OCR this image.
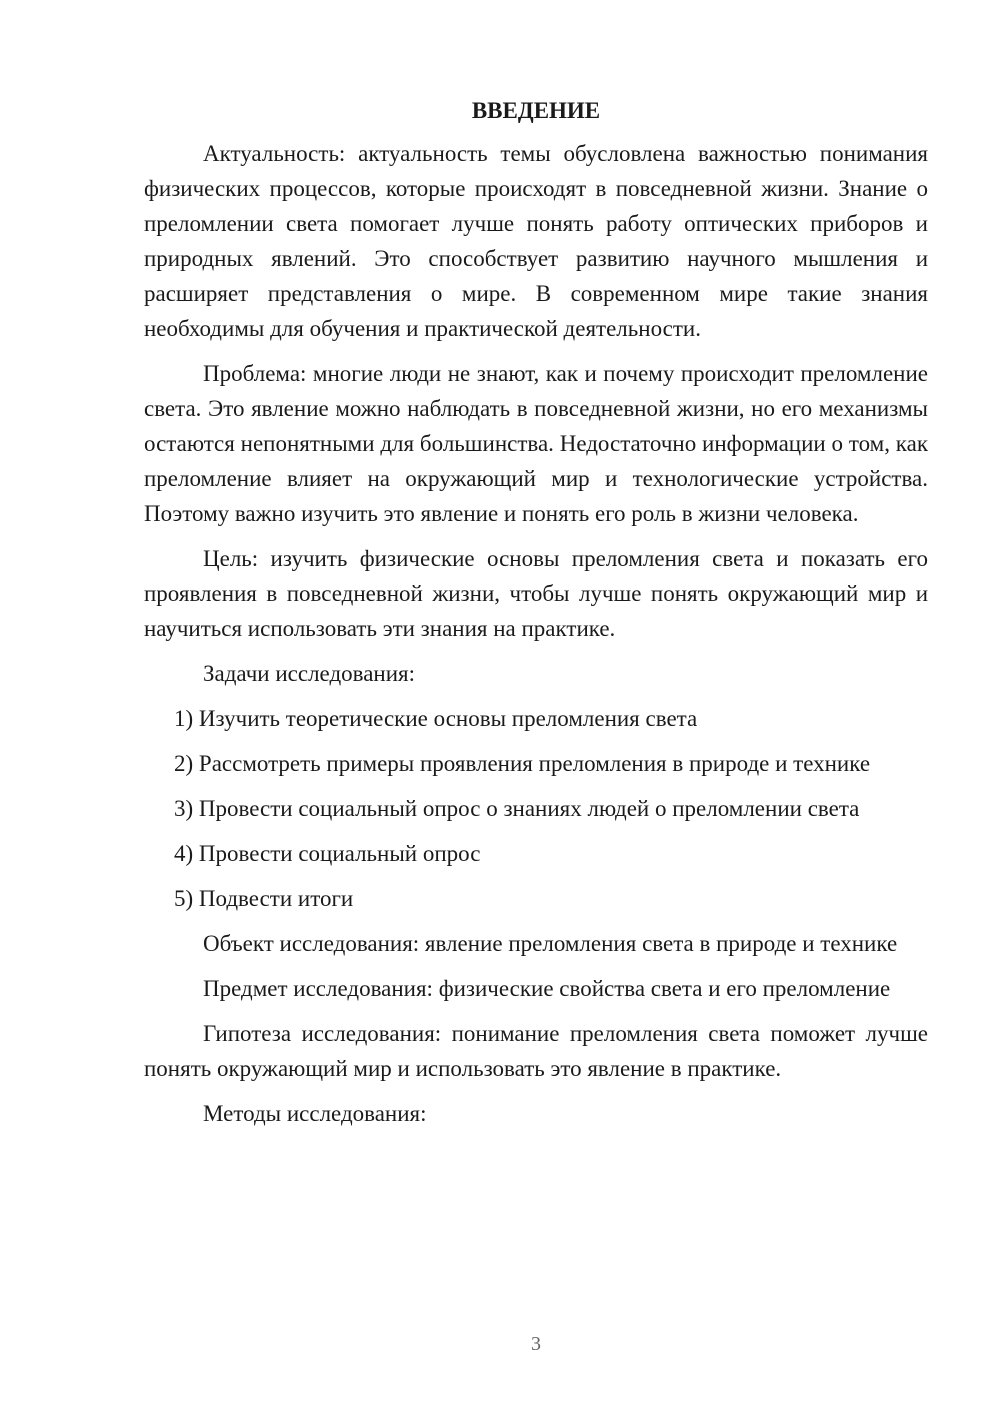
ВВЕДЕНИЕ

Актуальность: актуальность темы обусловлена важностью понимания физических процессов, которые происходят в повседневной жизни. Знание о преломлении света помогает лучше понять работу оптических приборов и природных явлений. Это способствует развитию научного мышления и расширяет представления о мире. В современном мире такие знания необходимы для обучения и практической деятельности.

Проблема: многие люди не знают, как и почему происходит преломление света. Это явление можно наблюдать в повседневной жизни, но его механизмы остаются непонятными для большинства. Недостаточно информации о том, как преломление влияет на окружающий мир и технологические устройства. Поэтому важно изучить это явление и понять его роль в жизни человека.

Цель: изучить физические основы преломления света и показать его проявления в повседневной жизни, чтобы лучше понять окружающий мир и научиться использовать эти знания на практике.

Задачи исследования:

1) Изучить теоретические основы преломления света

2) Рассмотреть примеры проявления преломления в природе и технике

3) Провести социальный опрос о знаниях людей о преломлении света

4) Провести социальный опрос

5) Подвести итоги

Объект исследования: явление преломления света в природе и технике

Предмет исследования: физические свойства света и его преломление

Гипотеза исследования: понимание преломления света поможет лучше понять окружающий мир и использовать это явление в практике.

Методы исследования:

3
